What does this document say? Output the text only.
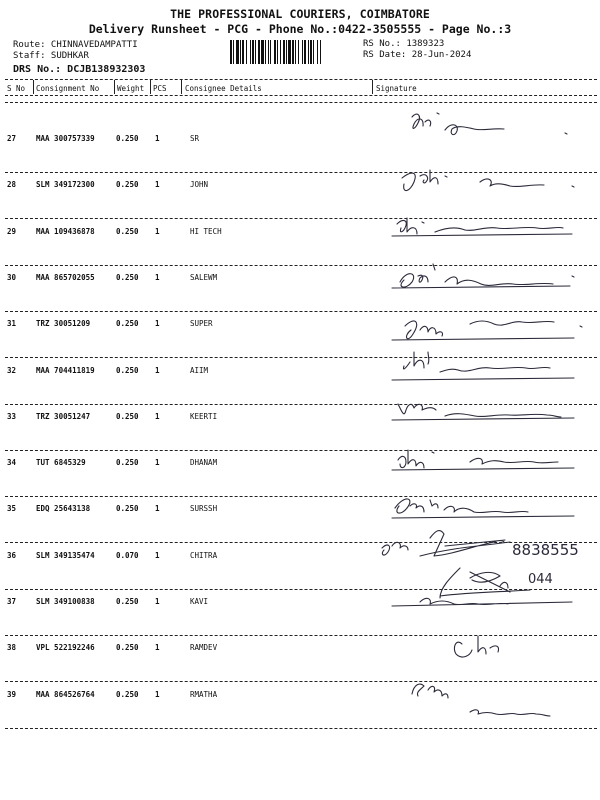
THE PROFESSIONAL COURIERS, COIMBATORE
Delivery Runsheet - PCG - Phone No.:0422-3505555 - Page No.:3
Route: CHINNAVEDAMPATTI
Staff: SUDHKAR
DRS No.: DCJB138932303
RS No.: 1389323
RS Date: 28-Jun-2024
S No Consignment No Weight PCS Consignee Details	Signature
27	MAA 300757339	0.250 1	SR
28	SLM 349172300	0.250 1	JOHN
29	MAA 109436878	0.250 1	HI TECH
30	MAA 865702055	0.250 1	SALEWM
31	TRZ 30051209	0.250 1	SUPER
32	MAA 704411819	0.250 1	AIIM
33	TRZ 30051247	0.250 1	KEERTI
34	TUT 6845329	0.250 1	DHANAM
35	EDQ 25643138	0.250 1	SURSSH
36	SLM 349135474	0.070 1	CHITRA
37	SLM 349100838	0.250 1	KAVI
38	VPL 522192246	0.250 1	RAMDEV
39	MAA 864526764	0.250 1	RMATHA
8838555
044
